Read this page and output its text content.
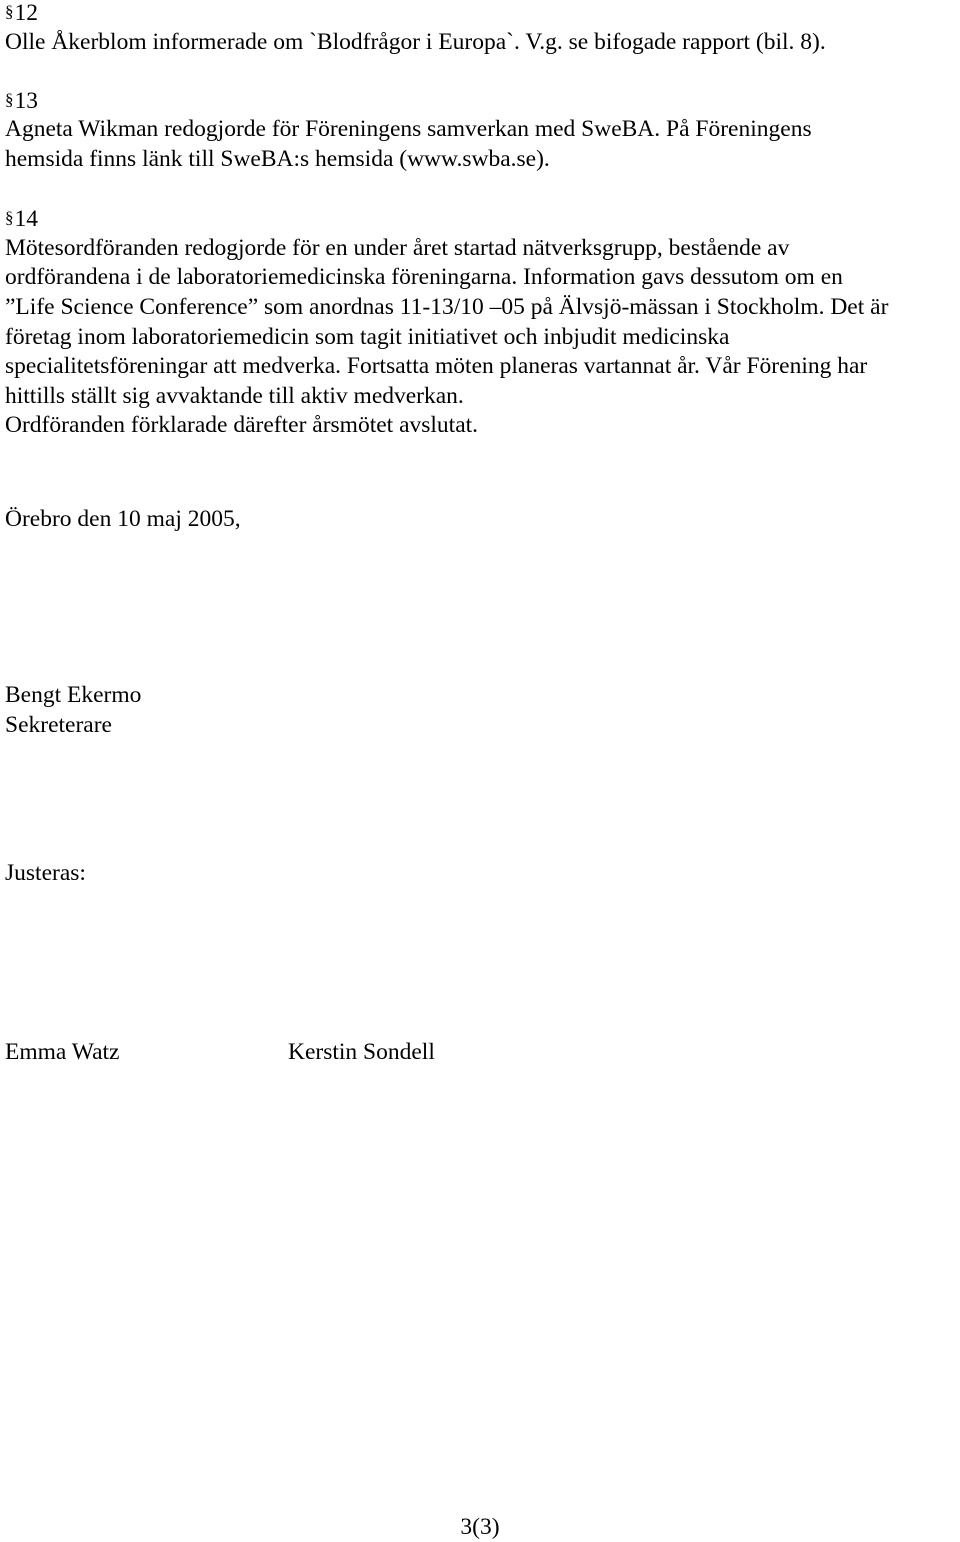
§12

Olle Åkerblom informerade om `Blodfrågor i Europa`. V.g. se bifogade rapport (bil. 8).

§13

Agneta Wikman redogjorde för Föreningens samverkan med SweBA. På Föreningens

hemsida finns länk till SweBA:s hemsida (www.swba.se).

§14

Mötesordföranden redogjorde för en under året startad nätverksgrupp, bestående av

ordförandena i de laboratoriemedicinska föreningarna. Information gavs dessutom om en

”Life Science Conference” som anordnas 11-13/10 –05 på Älvsjö-mässan i Stockholm. Det är

företag inom laboratoriemedicin som tagit initiativet och inbjudit medicinska

specialitetsföreningar att medverka. Fortsatta möten planeras vartannat år. Vår Förening har

hittills ställt sig avvaktande till aktiv medverkan.

Ordföranden förklarade därefter årsmötet avslutat.

Örebro den 10 maj 2005,

Bengt Ekermo

Sekreterare

Justeras:

Emma Watz	Kerstin Sondell

3(3)
